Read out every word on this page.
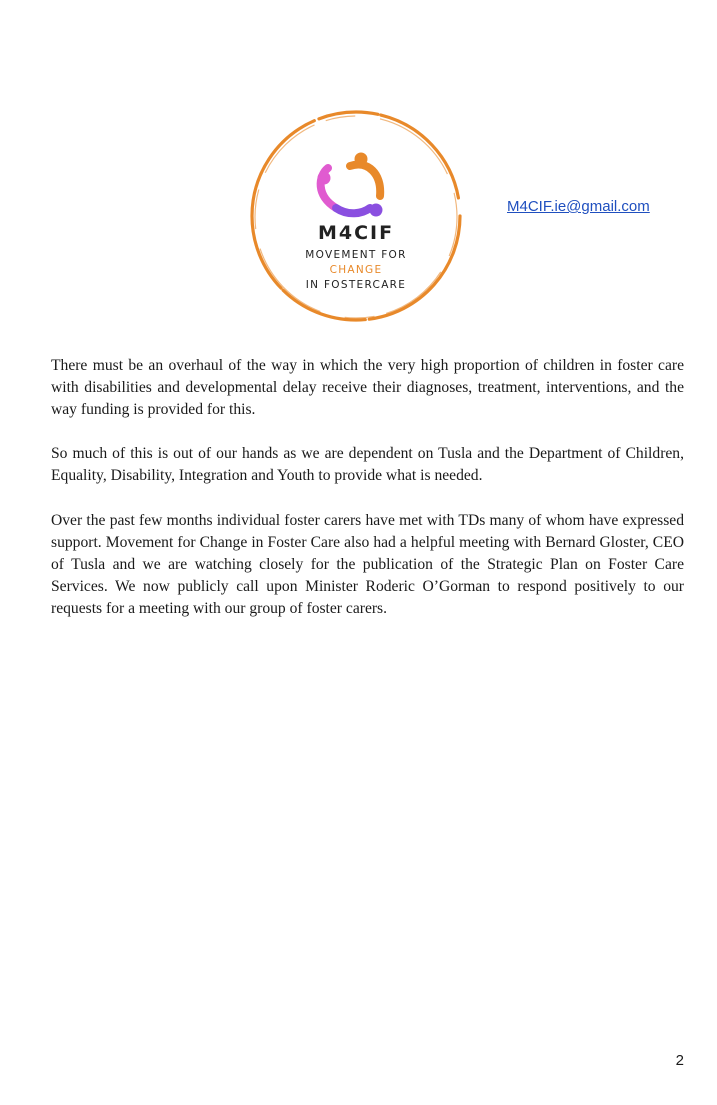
M4CIF
MOVEMENT FOR
CHANGE
IN FOSTERCARE
M4CIF.ie@gmail.com

There must be an overhaul of the way in which the very high proportion of children in foster care with disabilities and developmental delay receive their diagnoses, treatment, interventions, and the way funding is provided for this.

So much of this is out of our hands as we are dependent on Tusla and the Department of Children, Equality, Disability, Integration and Youth to provide what is needed.

Over the past few months individual foster carers have met with TDs many of whom have expressed support. Movement for Change in Foster Care also had a helpful meeting with Bernard Gloster, CEO of Tusla and we are watching closely for the publication of the Strategic Plan on Foster Care Services. We now publicly call upon Minister Roderic O’Gorman to respond positively to our requests for a meeting with our group of foster carers.

2
